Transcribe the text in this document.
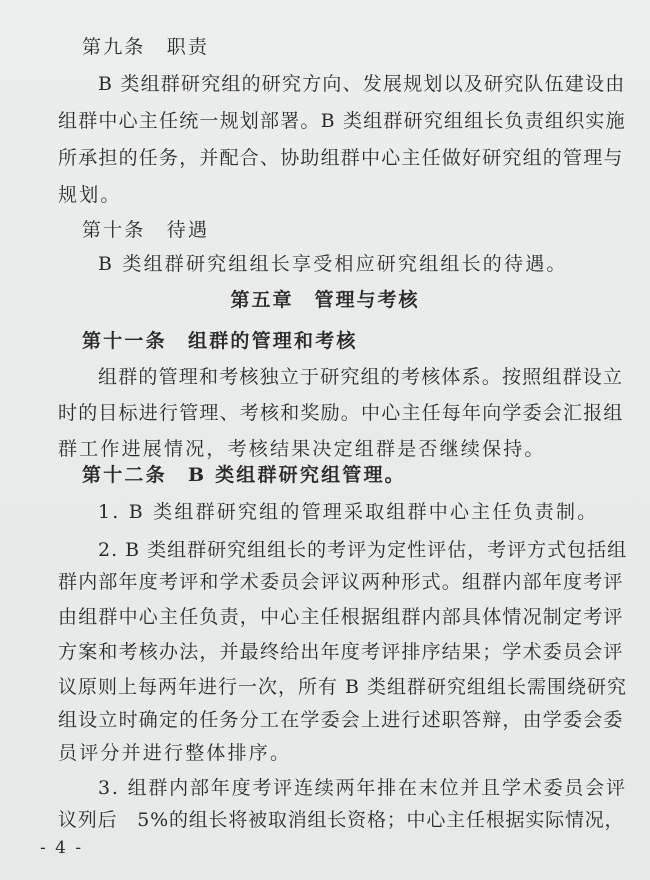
第九条　职责
B 类组群研究组的研究方向、发展规划以及研究队伍建设由
组群中心主任统一规划部署。B 类组群研究组组长负责组织实施
所承担的任务，并配合、协助组群中心主任做好研究组的管理与
规划。
第十条　待遇
B 类组群研究组组长享受相应研究组组长的待遇。
第五章　管理与考核
第十一条　组群的管理和考核
组群的管理和考核独立于研究组的考核体系。按照组群设立
时的目标进行管理、考核和奖励。中心主任每年向学委会汇报组
群工作进展情况，考核结果决定组群是否继续保持。
第十二条　B 类组群研究组管理。
1. B 类组群研究组的管理采取组群中心主任负责制。
2. B 类组群研究组组长的考评为定性评估，考评方式包括组
群内部年度考评和学术委员会评议两种形式。组群内部年度考评
由组群中心主任负责，中心主任根据组群内部具体情况制定考评
方案和考核办法，并最终给出年度考评排序结果；学术委员会评
议原则上每两年进行一次，所有 B 类组群研究组组长需围绕研究
组设立时确定的任务分工在学委会上进行述职答辩，由学委会委
员评分并进行整体排序。
3. 组群内部年度考评连续两年排在末位并且学术委员会评
议列后　5%的组长将被取消组长资格；中心主任根据实际情况，
- 4 -
